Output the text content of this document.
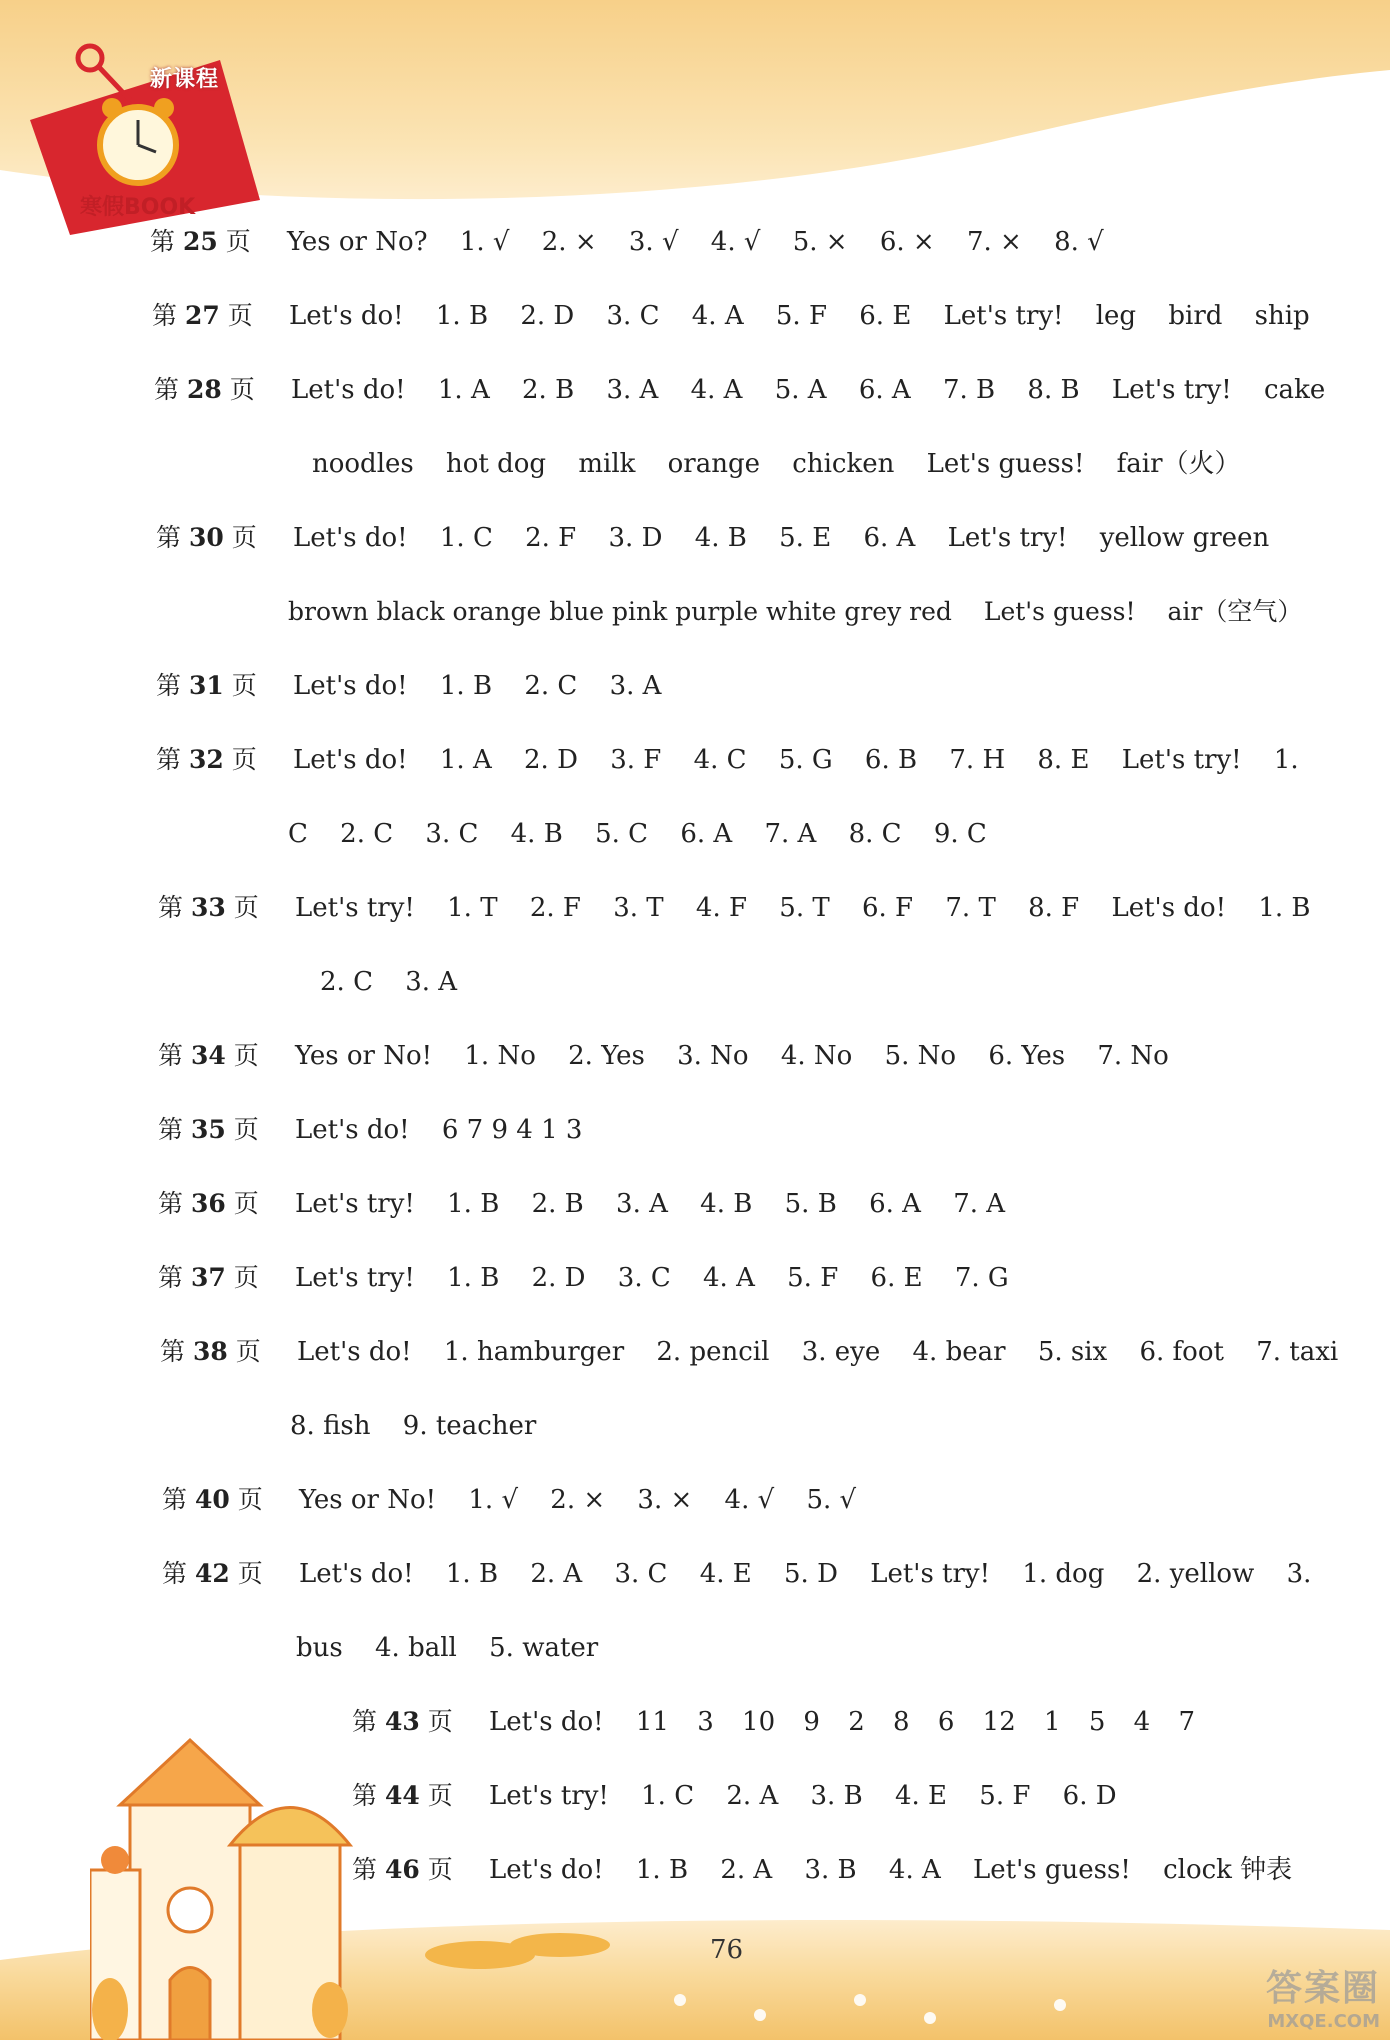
新课程
寒假BOOK
第 25 页 Yes or No? 1. √ 2. × 3. √ 4. √ 5. × 6. × 7. × 8. √
第 27 页 Let's do! 1. B 2. D 3. C 4. A 5. F 6. E Let's try! leg bird ship
第 28 页 Let's do! 1. A 2. B 3. A 4. A 5. A 6. A 7. B 8. B Let's try! cake
noodles hot dog milk orange chicken Let's guess! fair（火）
第 30 页 Let's do! 1. C 2. F 3. D 4. B 5. E 6. A Let's try! yellow green
brown black orange blue pink purple white grey red Let's guess! air（空气）
第 31 页 Let's do! 1. B 2. C 3. A
第 32 页 Let's do! 1. A 2. D 3. F 4. C 5. G 6. B 7. H 8. E Let's try! 1.
C 2. C 3. C 4. B 5. C 6. A 7. A 8. C 9. C
第 33 页 Let's try! 1. T 2. F 3. T 4. F 5. T 6. F 7. T 8. F Let's do! 1. B
2. C 3. A
第 34 页 Yes or No! 1. No 2. Yes 3. No 4. No 5. No 6. Yes 7. No
第 35 页 Let's do! 6 7 9 4 1 3
第 36 页 Let's try! 1. B 2. B 3. A 4. B 5. B 6. A 7. A
第 37 页 Let's try! 1. B 2. D 3. C 4. A 5. F 6. E 7. G
第 38 页 Let's do! 1. hamburger 2. pencil 3. eye 4. bear 5. six 6. foot 7. taxi
8. fish 9. teacher
第 40 页 Yes or No! 1. √ 2. × 3. × 4. √ 5. √
第 42 页 Let's do! 1. B 2. A 3. C 4. E 5. D Let's try! 1. dog 2. yellow 3.
bus 4. ball 5. water
第 43 页 Let's do! 11 3 10 9 2 8 6 12 1 5 4 7
第 44 页 Let's try! 1. C 2. A 3. B 4. E 5. F 6. D
第 46 页 Let's do! 1. B 2. A 3. B 4. A Let's guess! clock 钟表
76
答案圈
MXQE.COM
